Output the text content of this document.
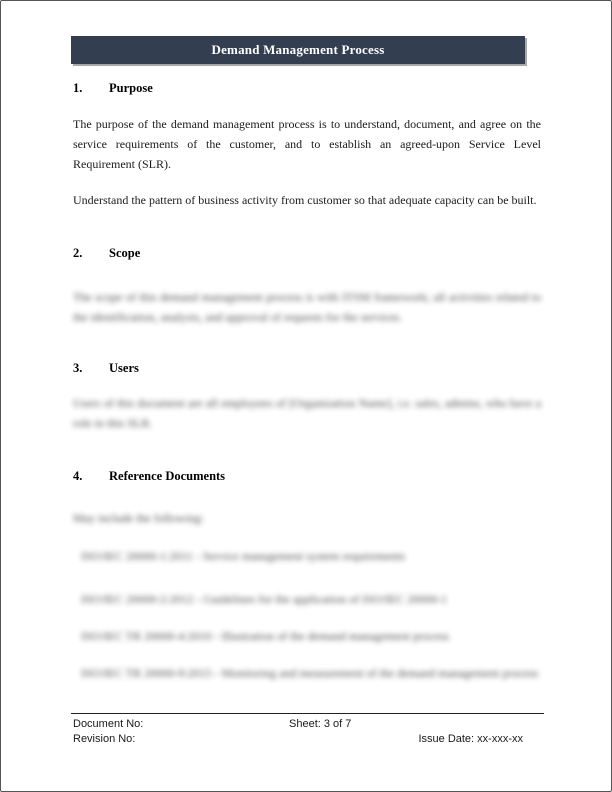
Demand Management Process
1.	Purpose
The purpose of the demand management process is to understand, document, and agree on the service requirements of the customer, and to establish an agreed-upon Service Level Requirement (SLR).
Understand the pattern of business activity from customer so that adequate capacity can be built.
2.	Scope
The scope of this demand management process is with ITSM framework; all activities related to the identification, analysis, and approval of requests for the services.
3.	Users
Users of this document are all employees of [Organization Name], i.e. sales, admins, who have a role in this SLR.
4.	Reference Documents
May include the following:
ISO/IEC 20000-1:2011 - Service management system requirements
ISO/IEC 20000-2:2012 - Guidelines for the application of ISO/IEC 20000-1
ISO/IEC TR 20000-4:2010 - Illustration of the demand management process
ISO/IEC TR 20000-9:2015 - Monitoring and measurement of the demand management process
Document No:	Sheet: 3 of 7
Revision No:	Issue Date: xx-xxx-xx
